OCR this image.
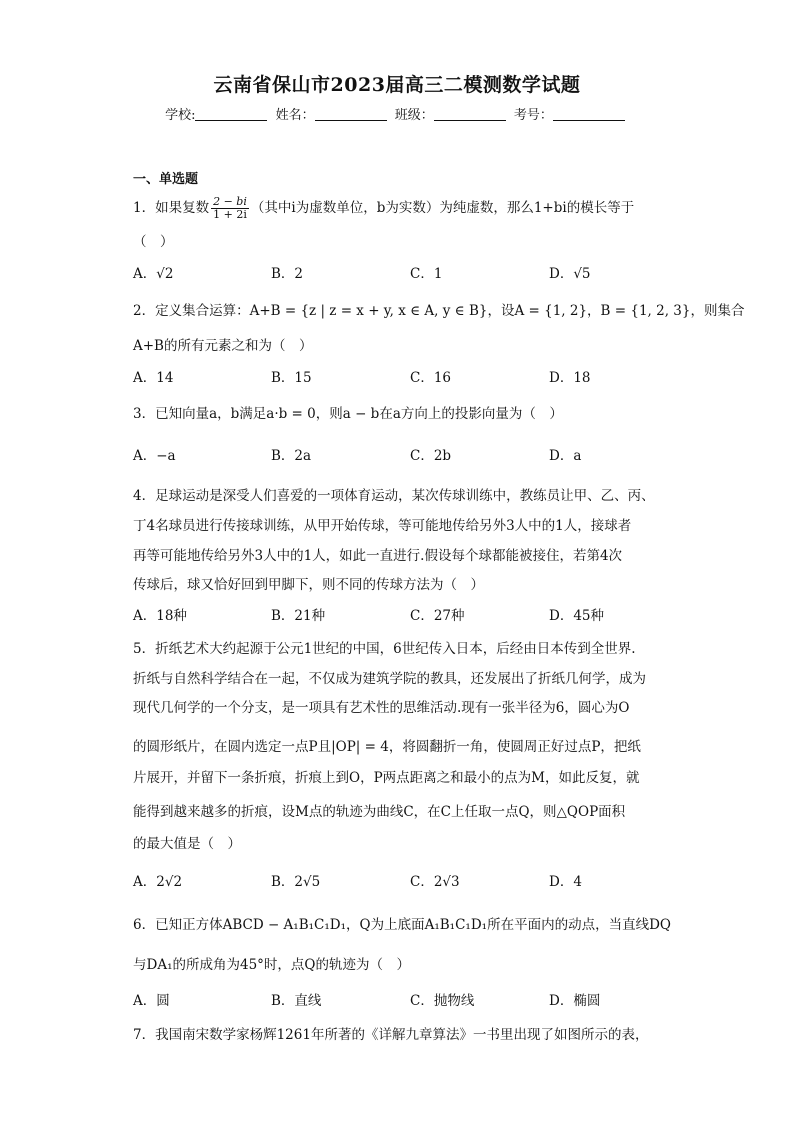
云南省保山市2023届高三二模测数学试题
学校:	姓名：	班级：	考号：
一、单选题
1．如果复数 $\frac{2 - bi}{1 + 2i}$ （其中i为虚数单位，b为实数）为纯虚数，那么1+bi的模长等于
（　）
A．√2	B．2	C．1	D．√5
2．定义集合运算：A+B = {z | z = x + y, x ∈ A, y ∈ B}，设A = {1, 2}，B = {1, 2, 3}，则集合
A+B的所有元素之和为（　）
A．14	B．15	C．16	D．18
3．已知向量a，b满足a·b = 0，则a − b在a方向上的投影向量为（　）
A．−a	B．2a	C．2b	D．a
4．足球运动是深受人们喜爱的一项体育运动，某次传球训练中，教练员让甲、乙、丙、
丁4名球员进行传接球训练，从甲开始传球，等可能地传给另外3人中的1人，接球者
再等可能地传给另外3人中的1人，如此一直进行.假设每个球都能被接住，若第4次
传球后，球又恰好回到甲脚下，则不同的传球方法为（　）
A．18种	B．21种	C．27种	D．45种
5．折纸艺术大约起源于公元1世纪的中国，6世纪传入日本，后经由日本传到全世界.
折纸与自然科学结合在一起，不仅成为建筑学院的教具，还发展出了折纸几何学，成为
现代几何学的一个分支，是一项具有艺术性的思维活动.现有一张半径为6，圆心为O
的圆形纸片，在圆内选定一点P且|OP| = 4，将圆翻折一角，使圆周正好过点P，把纸
片展开，并留下一条折痕，折痕上到O，P两点距离之和最小的点为M，如此反复，就
能得到越来越多的折痕，设M点的轨迹为曲线C，在C上任取一点Q，则△QOP面积
的最大值是（　）
A．2√2	B．2√5	C．2√3	D．4
6．已知正方体ABCD − A₁B₁C₁D₁，Q为上底面A₁B₁C₁D₁所在平面内的动点，当直线DQ
与DA₁的所成角为45°时，点Q的轨迹为（　）
A．圆	B．直线	C．抛物线	D．椭圆
7．我国南宋数学家杨辉1261年所著的《详解九章算法》一书里出现了如图所示的表，
